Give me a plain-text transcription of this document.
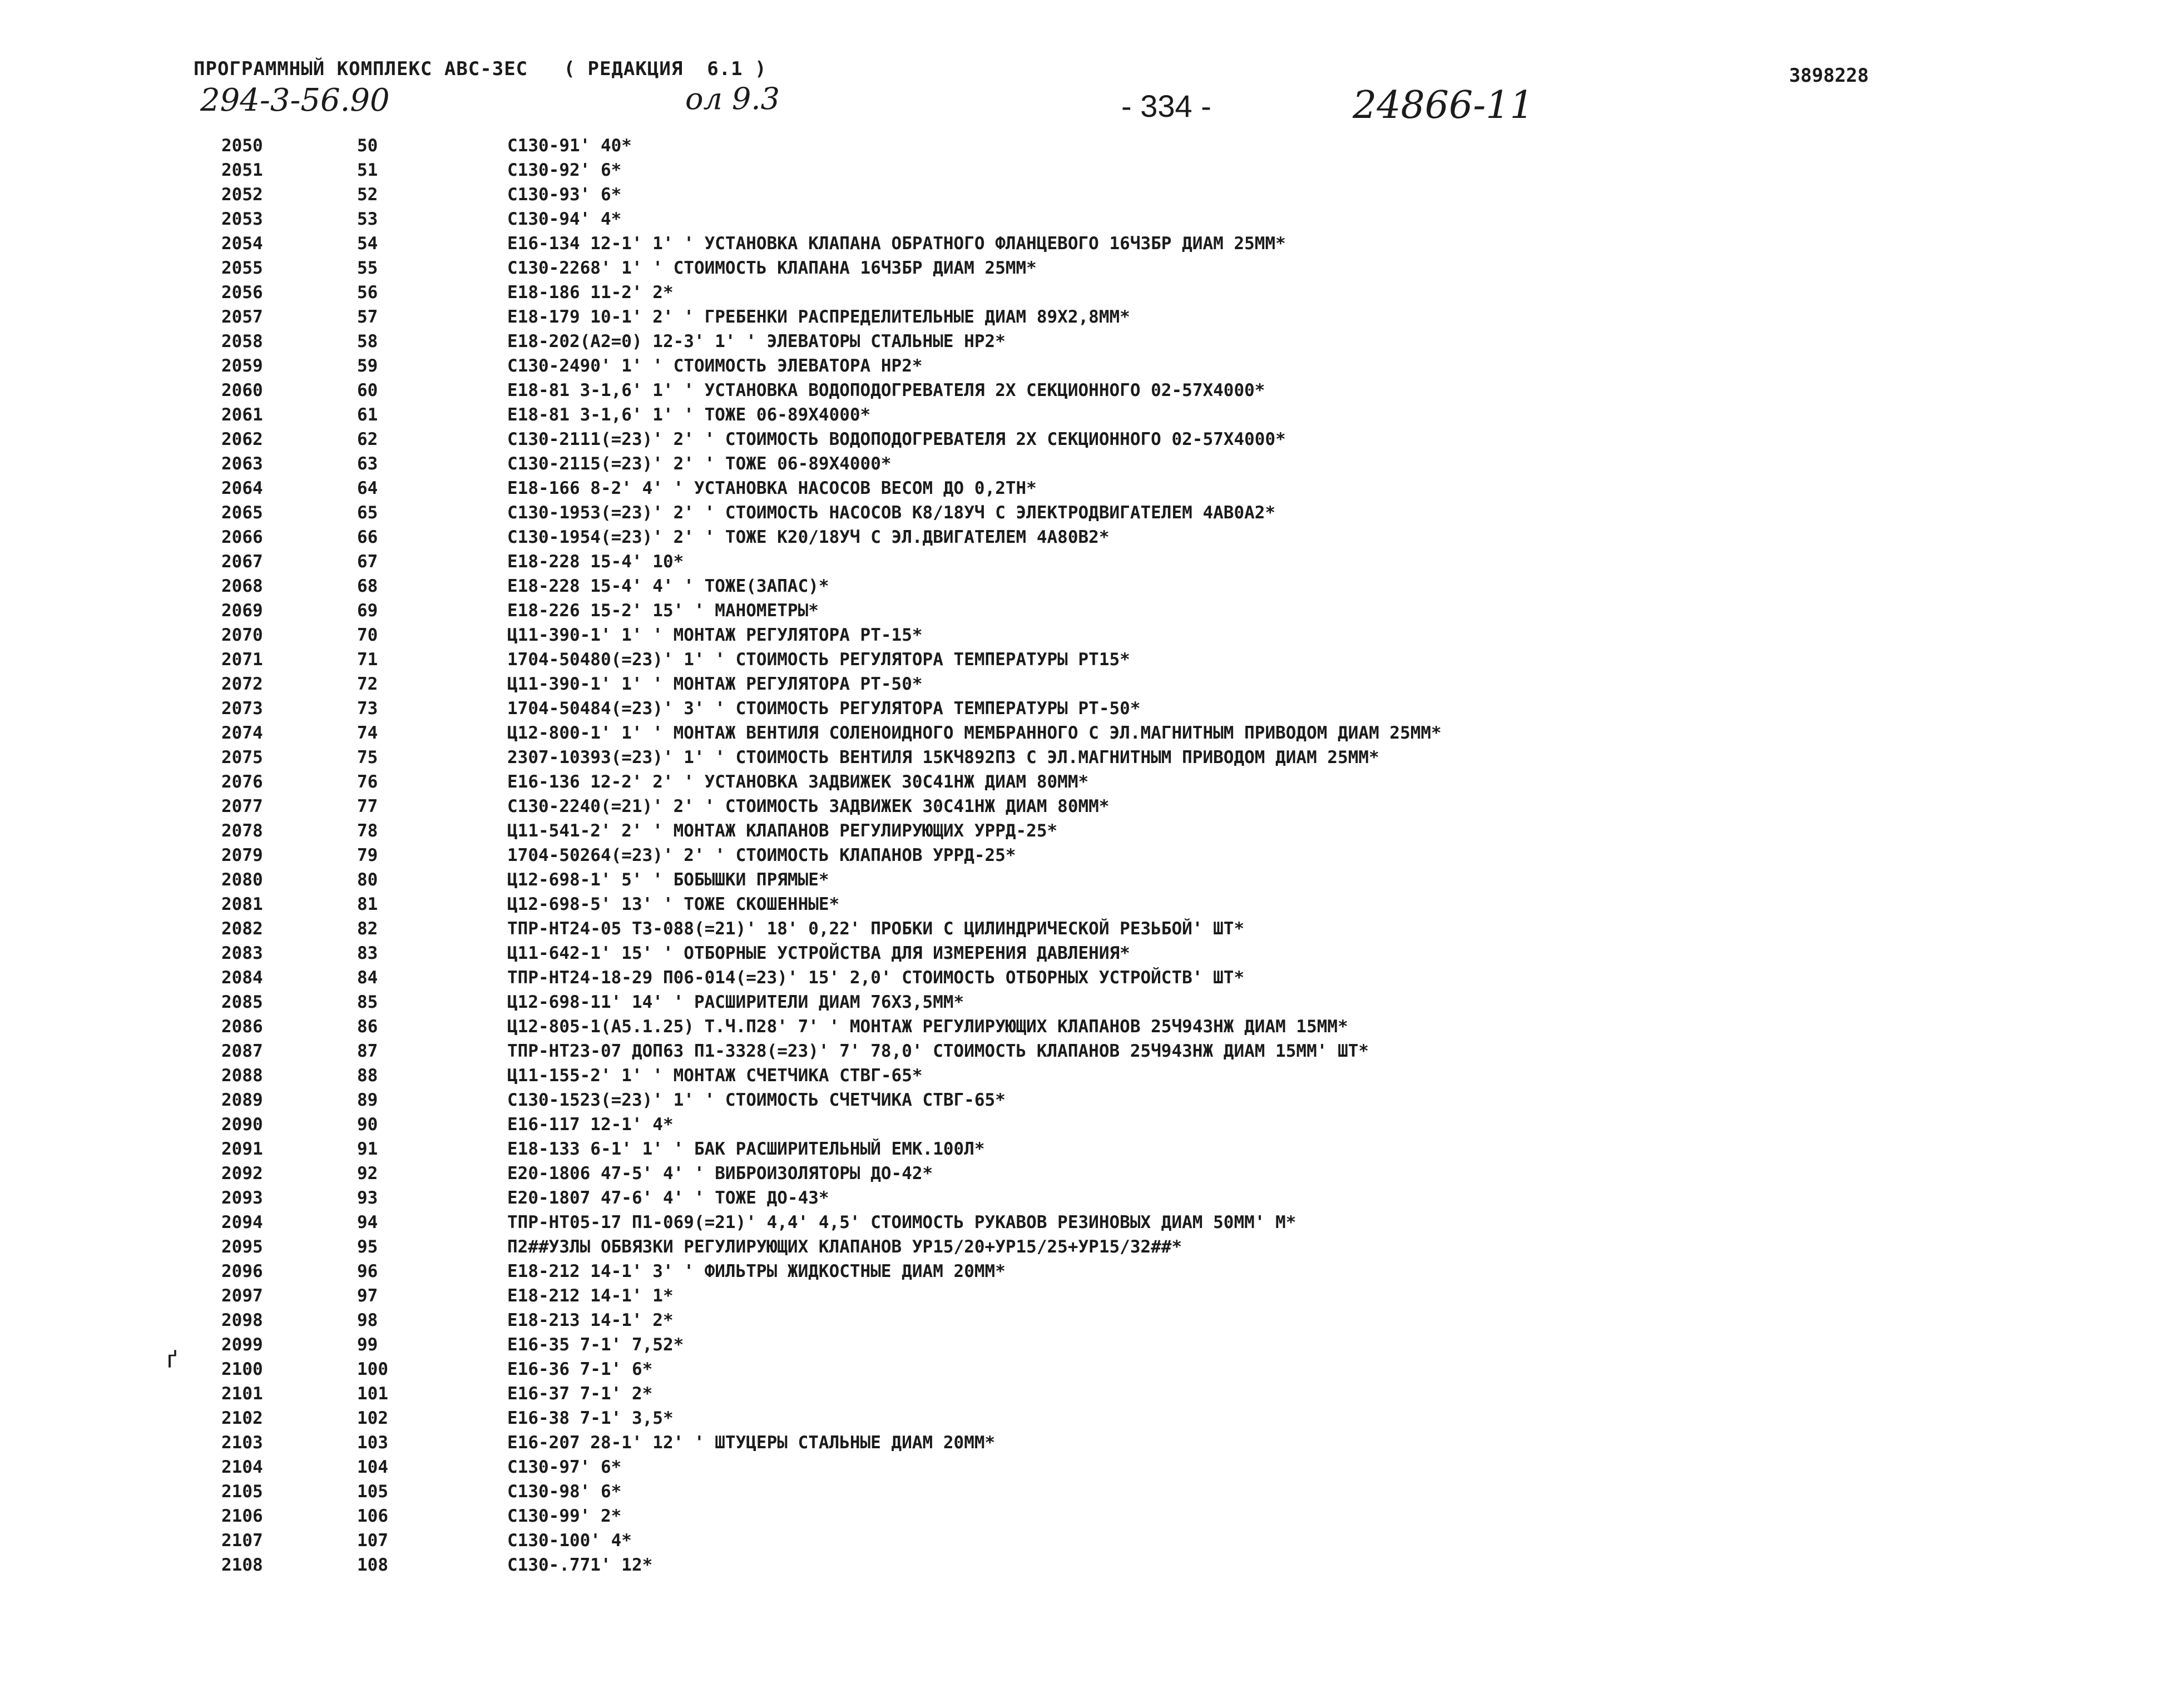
ПРОГРАММНЫЙ КОМПЛЕКС АВС-ЗЕС   ( РЕДАКЦИЯ  6.1 )	3898228
294-3-56.90	ол 9.3	- 334 -	24866-11
ґ
2050	50	С130-91' 40*
2051	51	С130-92' 6*
2052	52	С130-93' 6*
2053	53	С130-94' 4*
2054	54	Е16-134 12-1' 1' ' УСТАНОВКА КЛАПАНА ОБРАТНОГО ФЛАНЦЕВОГО 16Ч3БР ДИАМ 25ММ*
2055	55	С130-2268' 1' ' СТОИМОСТЬ КЛАПАНА 16Ч3БР ДИАМ 25ММ*
2056	56	Е18-186 11-2' 2*
2057	57	Е18-179 10-1' 2' ' ГРЕБЕНКИ РАСПРЕДЕЛИТЕЛЬНЫЕ ДИАМ 89Х2,8ММ*
2058	58	Е18-202(А2=0) 12-3' 1' ' ЭЛЕВАТОРЫ СТАЛЬНЫЕ НР2*
2059	59	С130-2490' 1' ' СТОИМОСТЬ ЭЛЕВАТОРА НР2*
2060	60	Е18-81 3-1,6' 1' ' УСТАНОВКА ВОДОПОДОГРЕВАТЕЛЯ 2Х СЕКЦИОННОГО 02-57Х4000*
2061	61	Е18-81 3-1,6' 1' ' ТОЖЕ 06-89Х4000*
2062	62	С130-2111(=23)' 2' ' СТОИМОСТЬ ВОДОПОДОГРЕВАТЕЛЯ 2Х СЕКЦИОННОГО 02-57Х4000*
2063	63	С130-2115(=23)' 2' ' ТОЖЕ 06-89Х4000*
2064	64	Е18-166 8-2' 4' ' УСТАНОВКА НАСОСОВ ВЕСОМ ДО 0,2ТН*
2065	65	С130-1953(=23)' 2' ' СТОИМОСТЬ НАСОСОВ К8/18УЧ С ЭЛЕКТРОДВИГАТЕЛЕМ 4АВ0А2*
2066	66	С130-1954(=23)' 2' ' ТОЖЕ К20/18УЧ С ЭЛ.ДВИГАТЕЛЕМ 4А80В2*
2067	67	Е18-228 15-4' 10*
2068	68	Е18-228 15-4' 4' ' ТОЖЕ(ЗАПАС)*
2069	69	Е18-226 15-2' 15' ' МАНОМЕТРЫ*
2070	70	Ц11-390-1' 1' ' МОНТАЖ РЕГУЛЯТОРА РТ-15*
2071	71	1704-50480(=23)' 1' ' СТОИМОСТЬ РЕГУЛЯТОРА ТЕМПЕРАТУРЫ РТ15*
2072	72	Ц11-390-1' 1' ' МОНТАЖ РЕГУЛЯТОРА РТ-50*
2073	73	1704-50484(=23)' 3' ' СТОИМОСТЬ РЕГУЛЯТОРА ТЕМПЕРАТУРЫ РТ-50*
2074	74	Ц12-800-1' 1' ' МОНТАЖ ВЕНТИЛЯ СОЛЕНОИДНОГО МЕМБРАННОГО С ЭЛ.МАГНИТНЫМ ПРИВОДОМ ДИАМ 25ММ*
2075	75	2307-10393(=23)' 1' ' СТОИМОСТЬ ВЕНТИЛЯ 15КЧ892П3 С ЭЛ.МАГНИТНЫМ ПРИВОДОМ ДИАМ 25ММ*
2076	76	Е16-136 12-2' 2' ' УСТАНОВКА ЗАДВИЖЕК 30С41НЖ ДИАМ 80ММ*
2077	77	С130-2240(=21)' 2' ' СТОИМОСТЬ ЗАДВИЖЕК 30С41НЖ ДИАМ 80ММ*
2078	78	Ц11-541-2' 2' ' МОНТАЖ КЛАПАНОВ РЕГУЛИРУЮЩИХ УРРД-25*
2079	79	1704-50264(=23)' 2' ' СТОИМОСТЬ КЛАПАНОВ УРРД-25*
2080	80	Ц12-698-1' 5' ' БОБЫШКИ ПРЯМЫЕ*
2081	81	Ц12-698-5' 13' ' ТОЖЕ СКОШЕННЫЕ*
2082	82	ТПР-НТ24-05 Т3-088(=21)' 18' 0,22' ПРОБКИ С ЦИЛИНДРИЧЕСКОЙ РЕЗЬБОЙ' ШТ*
2083	83	Ц11-642-1' 15' ' ОТБОРНЫЕ УСТРОЙСТВА ДЛЯ ИЗМЕРЕНИЯ ДАВЛЕНИЯ*
2084	84	ТПР-НТ24-18-29 П06-014(=23)' 15' 2,0' СТОИМОСТЬ ОТБОРНЫХ УСТРОЙСТВ' ШТ*
2085	85	Ц12-698-11' 14' ' РАСШИРИТЕЛИ ДИАМ 76Х3,5ММ*
2086	86	Ц12-805-1(А5.1.25) Т.Ч.П28' 7' ' МОНТАЖ РЕГУЛИРУЮЩИХ КЛАПАНОВ 25Ч943НЖ ДИАМ 15ММ*
2087	87	ТПР-НТ23-07 ДОП63 П1-3328(=23)' 7' 78,0' СТОИМОСТЬ КЛАПАНОВ 25Ч943НЖ ДИАМ 15ММ' ШТ*
2088	88	Ц11-155-2' 1' ' МОНТАЖ СЧЕТЧИКА СТВГ-65*
2089	89	С130-1523(=23)' 1' ' СТОИМОСТЬ СЧЕТЧИКА СТВГ-65*
2090	90	Е16-117 12-1' 4*
2091	91	Е18-133 6-1' 1' ' БАК РАСШИРИТЕЛЬНЫЙ ЕМК.100Л*
2092	92	Е20-1806 47-5' 4' ' ВИБРОИЗОЛЯТОРЫ ДО-42*
2093	93	Е20-1807 47-6' 4' ' ТОЖЕ ДО-43*
2094	94	ТПР-НТ05-17 П1-069(=21)' 4,4' 4,5' СТОИМОСТЬ РУКАВОВ РЕЗИНОВЫХ ДИАМ 50ММ' М*
2095	95	П2##УЗЛЫ ОБВЯЗКИ РЕГУЛИРУЮЩИХ КЛАПАНОВ УР15/20+УР15/25+УР15/32##*
2096	96	Е18-212 14-1' 3' ' ФИЛЬТРЫ ЖИДКОСТНЫЕ ДИАМ 20ММ*
2097	97	Е18-212 14-1' 1*
2098	98	Е18-213 14-1' 2*
2099	99	Е16-35 7-1' 7,52*
2100	100	Е16-36 7-1' 6*
2101	101	Е16-37 7-1' 2*
2102	102	Е16-38 7-1' 3,5*
2103	103	Е16-207 28-1' 12' ' ШТУЦЕРЫ СТАЛЬНЫЕ ДИАМ 20ММ*
2104	104	С130-97' 6*
2105	105	С130-98' 6*
2106	106	С130-99' 2*
2107	107	С130-100' 4*
2108	108	С130-.771' 12*
